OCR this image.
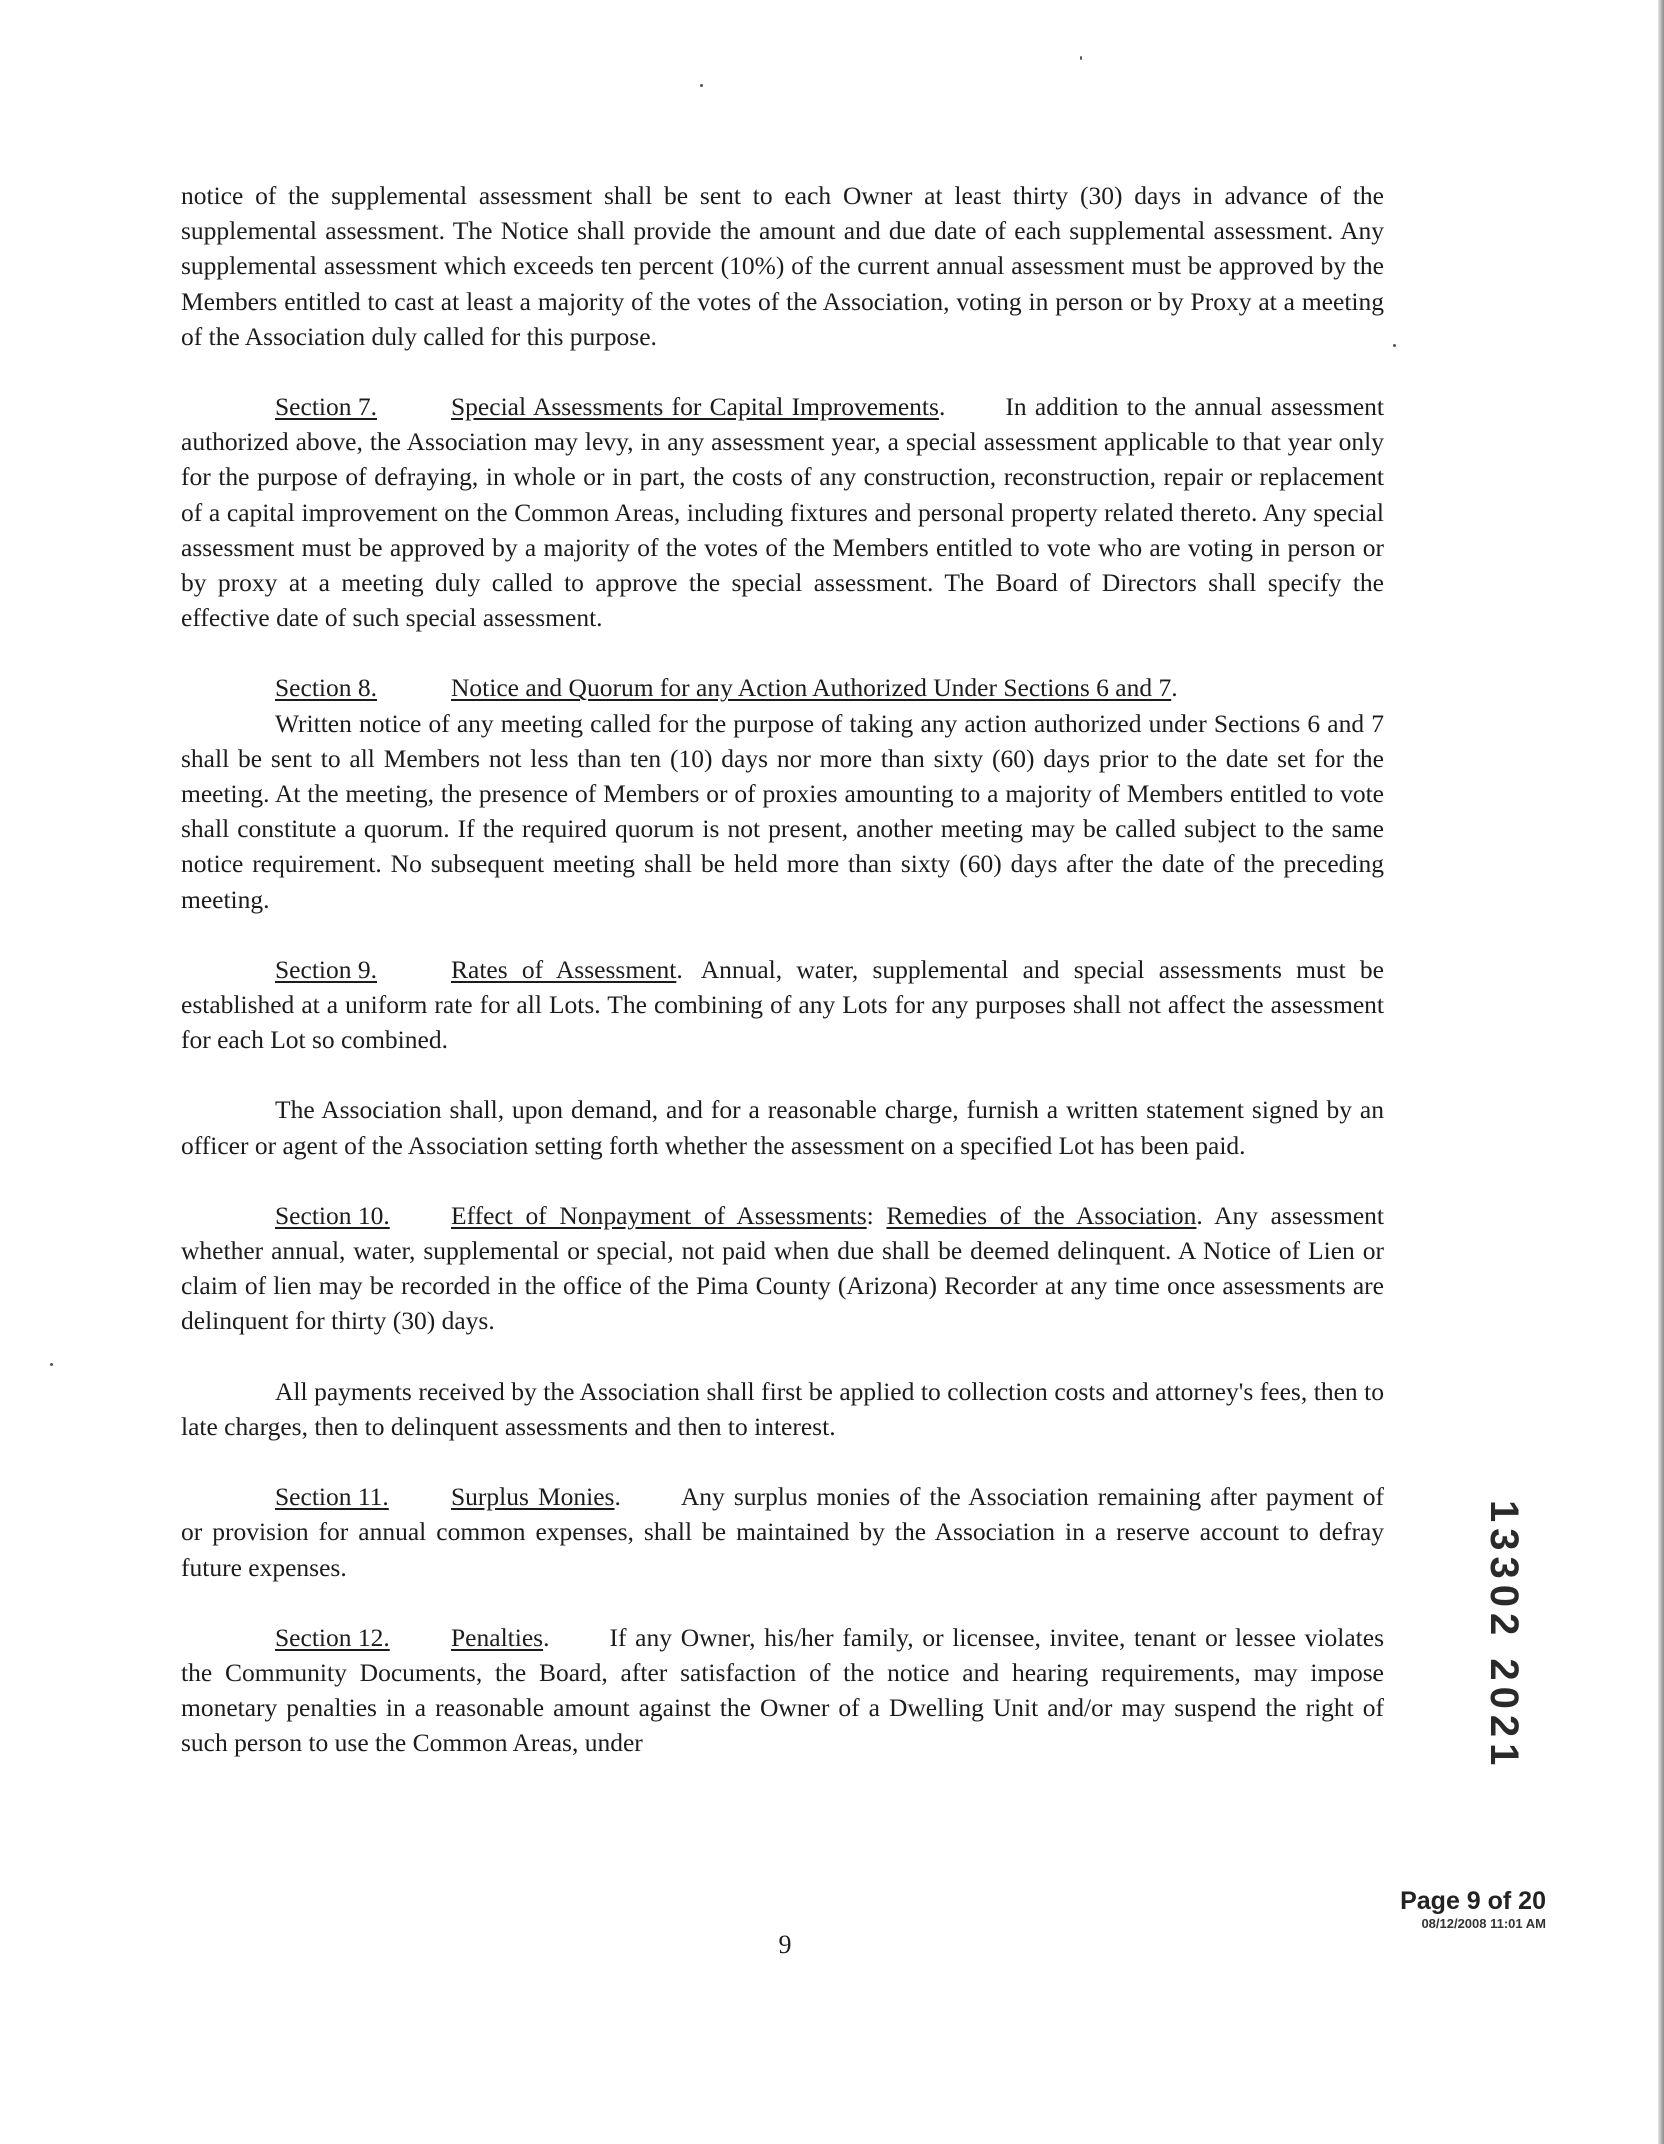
notice of the supplemental assessment shall be sent to each Owner at least thirty (30) days in advance of the supplemental assessment. The Notice shall provide the amount and due date of each supplemental assessment. Any supplemental assessment which exceeds ten percent (10%) of the current annual assessment must be approved by the Members entitled to cast at least a majority of the votes of the Association, voting in person or by Proxy at a meeting of the Association duly called for this purpose.

Section 7.	Special Assessments for Capital Improvements. In addition to the annual assessment authorized above, the Association may levy, in any assessment year, a special assessment applicable to that year only for the purpose of defraying, in whole or in part, the costs of any construction, reconstruction, repair or replacement of a capital improvement on the Common Areas, including fixtures and personal property related thereto. Any special assessment must be approved by a majority of the votes of the Members entitled to vote who are voting in person or by proxy at a meeting duly called to approve the special assessment. The Board of Directors shall specify the effective date of such special assessment.

Section 8.	Notice and Quorum for any Action Authorized Under Sections 6 and 7.
Written notice of any meeting called for the purpose of taking any action authorized under Sections 6 and 7 shall be sent to all Members not less than ten (10) days nor more than sixty (60) days prior to the date set for the meeting. At the meeting, the presence of Members or of proxies amounting to a majority of Members entitled to vote shall constitute a quorum. If the required quorum is not present, another meeting may be called subject to the same notice requirement. No subsequent meeting shall be held more than sixty (60) days after the date of the preceding meeting.

Section 9.	Rates of Assessment. Annual, water, supplemental and special assessments must be established at a uniform rate for all Lots. The combining of any Lots for any purposes shall not affect the assessment for each Lot so combined.

The Association shall, upon demand, and for a reasonable charge, furnish a written statement signed by an officer or agent of the Association setting forth whether the assessment on a specified Lot has been paid.

Section 10. Effect of Nonpayment of Assessments: Remedies of the Association. Any assessment whether annual, water, supplemental or special, not paid when due shall be deemed delinquent. A Notice of Lien or claim of lien may be recorded in the office of the Pima County (Arizona) Recorder at any time once assessments are delinquent for thirty (30) days.

All payments received by the Association shall first be applied to collection costs and attorney's fees, then to late charges, then to delinquent assessments and then to interest.

Section 11. Surplus Monies. Any surplus monies of the Association remaining after payment of or provision for annual common expenses, shall be maintained by the Association in a reserve account to defray future expenses.

Section 12. Penalties. If any Owner, his/her family, or licensee, invitee, tenant or lessee violates the Community Documents, the Board, after satisfaction of the notice and hearing requirements, may impose monetary penalties in a reasonable amount against the Owner of a Dwelling Unit and/or may suspend the right of such person to use the Common Areas, under

9
Page 9 of 20
08/12/2008 11:01 AM
13302 2021
